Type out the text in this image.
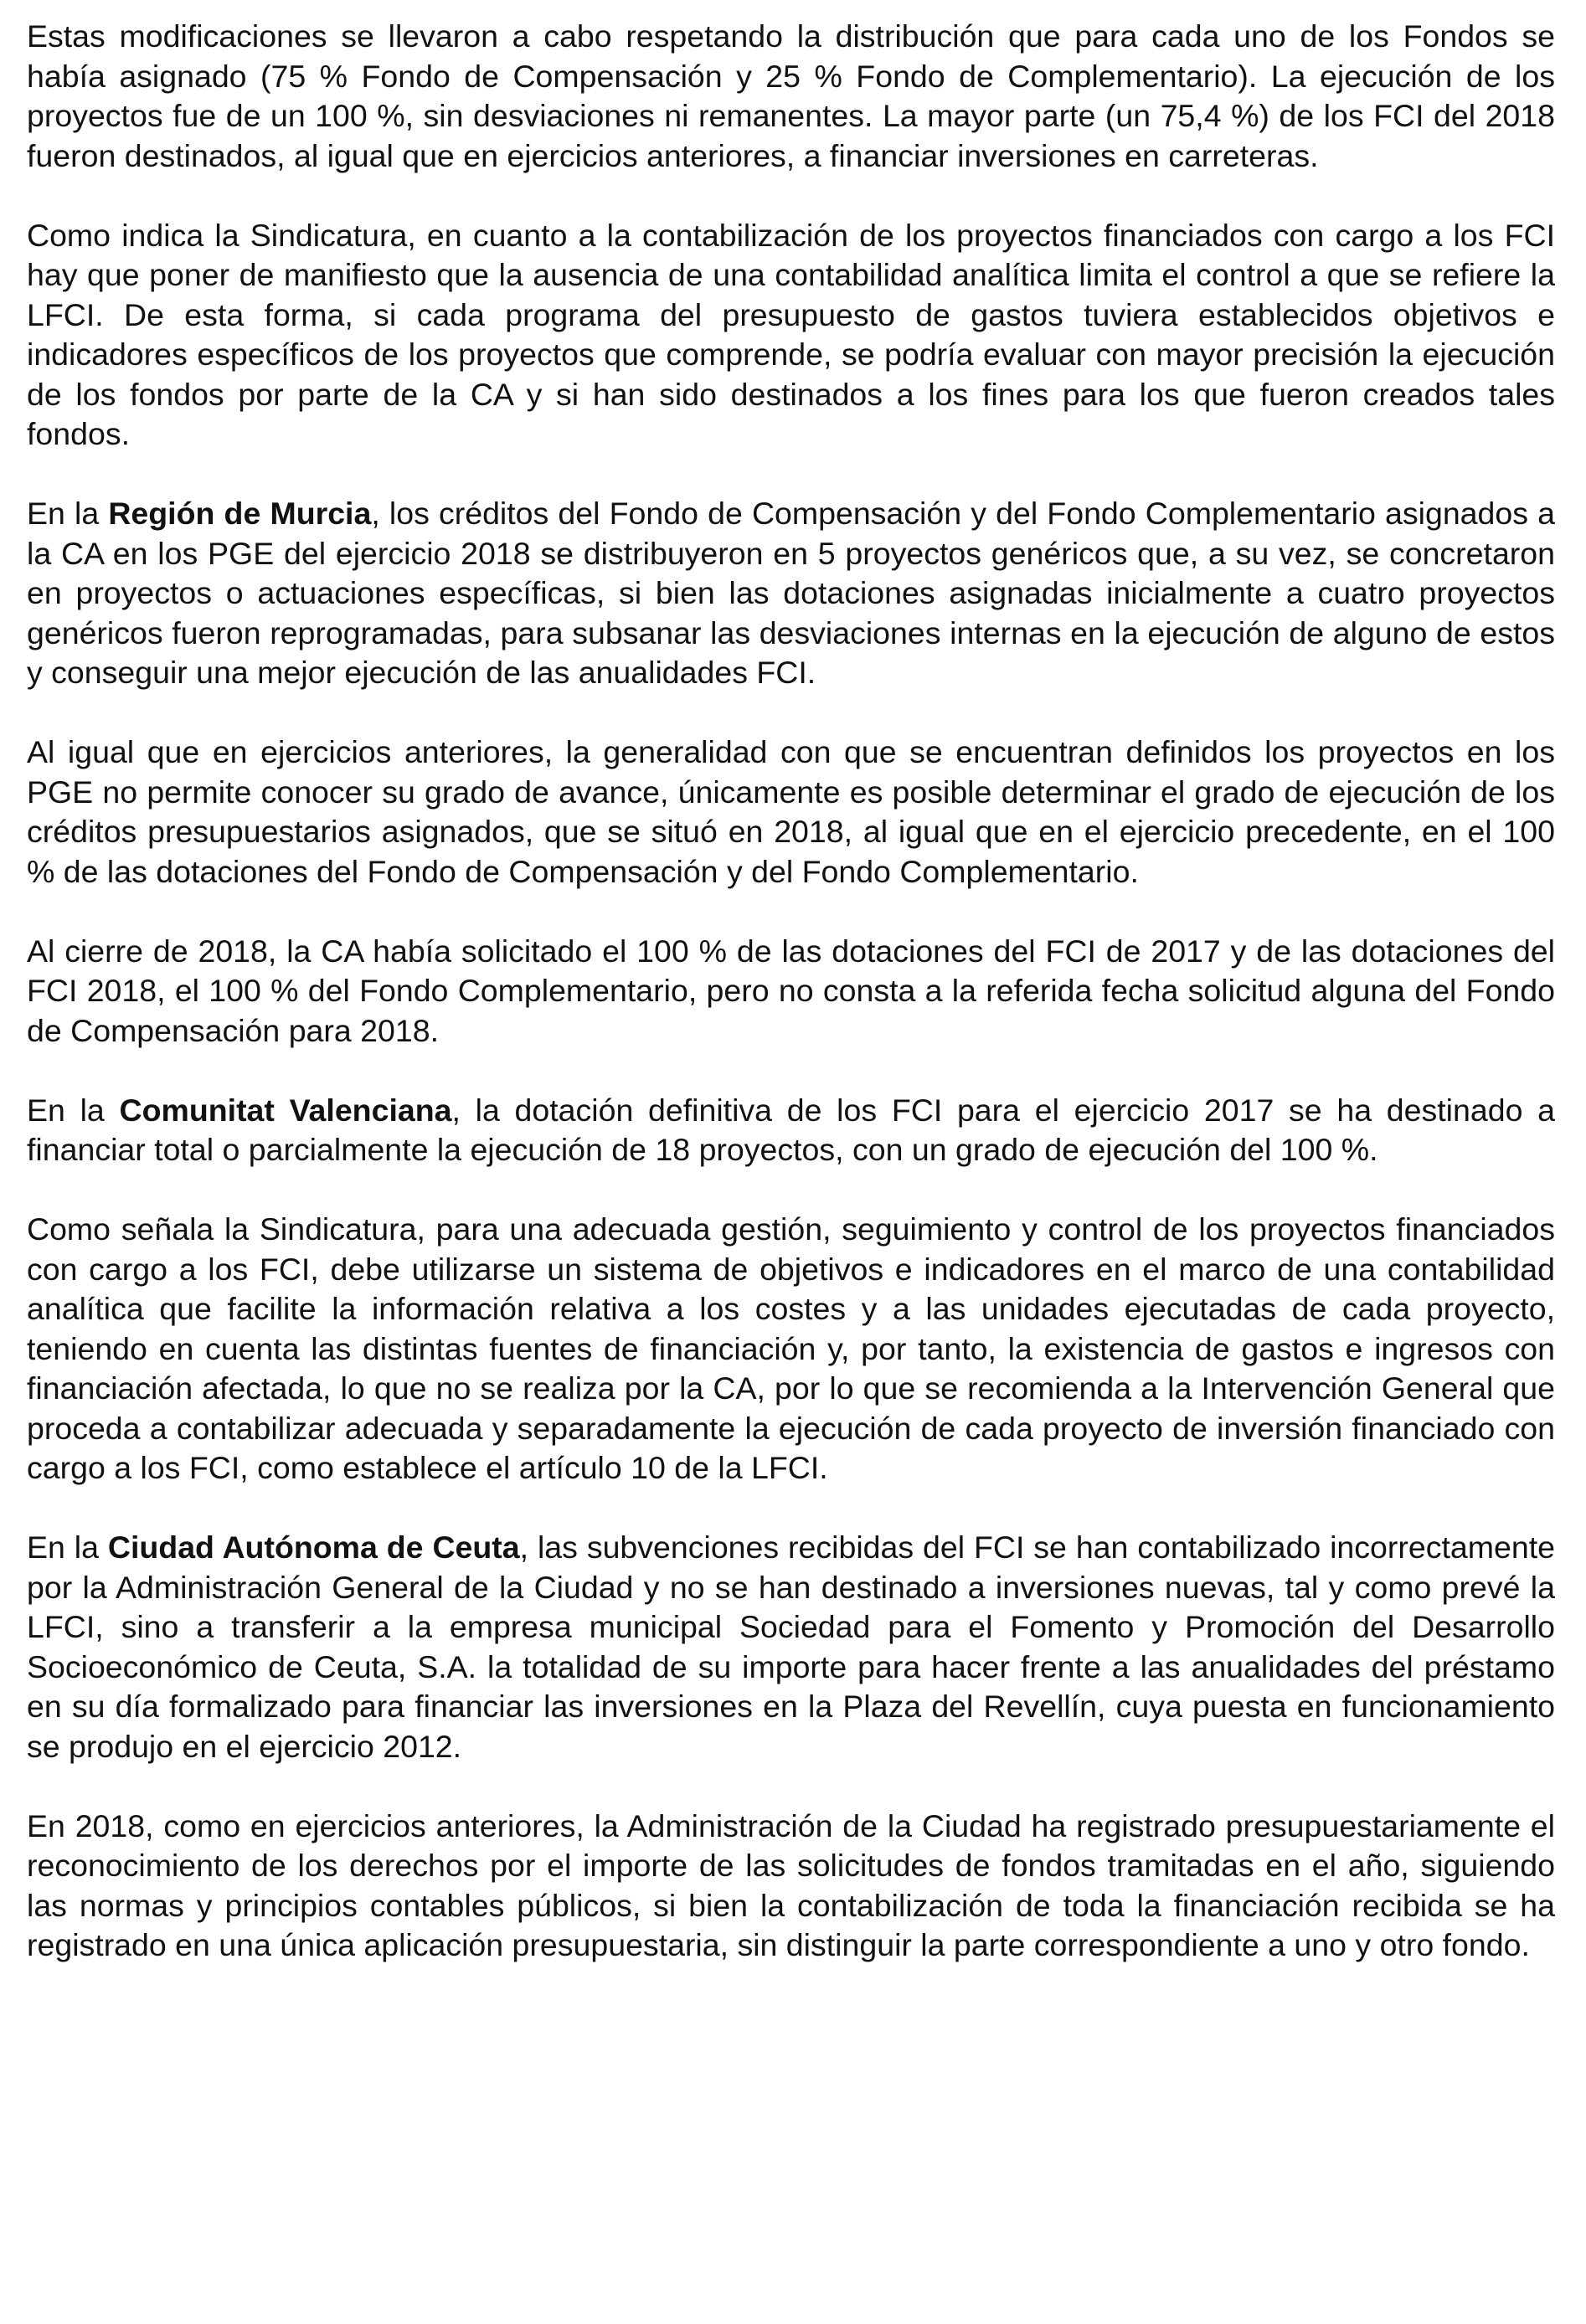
Estas modificaciones se llevaron a cabo respetando la distribución que para cada uno de los Fondos se había asignado (75 % Fondo de Compensación y 25 % Fondo de Complementario). La ejecución de los proyectos fue de un 100 %, sin desviaciones ni remanentes. La mayor parte (un 75,4 %) de los FCI del 2018 fueron destinados, al igual que en ejercicios anteriores, a financiar inversiones en carreteras.

Como indica la Sindicatura, en cuanto a la contabilización de los proyectos financiados con cargo a los FCI hay que poner de manifiesto que la ausencia de una contabilidad analítica limita el control a que se refiere la LFCI. De esta forma, si cada programa del presupuesto de gastos tuviera establecidos objetivos e indicadores específicos de los proyectos que comprende, se podría evaluar con mayor precisión la ejecución de los fondos por parte de la CA y si han sido destinados a los fines para los que fueron creados tales fondos.

En la Región de Murcia, los créditos del Fondo de Compensación y del Fondo Complementario asignados a la CA en los PGE del ejercicio 2018 se distribuyeron en 5 proyectos genéricos que, a su vez, se concretaron en proyectos o actuaciones específicas, si bien las dotaciones asignadas inicialmente a cuatro proyectos genéricos fueron reprogramadas, para subsanar las desviaciones internas en la ejecución de alguno de estos y conseguir una mejor ejecución de las anualidades FCI.

Al igual que en ejercicios anteriores, la generalidad con que se encuentran definidos los proyectos en los PGE no permite conocer su grado de avance, únicamente es posible determinar el grado de ejecución de los créditos presupuestarios asignados, que se situó en 2018, al igual que en el ejercicio precedente, en el 100 % de las dotaciones del Fondo de Compensación y del Fondo Complementario.

Al cierre de 2018, la CA había solicitado el 100 % de las dotaciones del FCI de 2017 y de las dotaciones del FCI 2018, el 100 % del Fondo Complementario, pero no consta a la referida fecha solicitud alguna del Fondo de Compensación para 2018.

En la Comunitat Valenciana, la dotación definitiva de los FCI para el ejercicio 2017 se ha destinado a financiar total o parcialmente la ejecución de 18 proyectos, con un grado de ejecución del 100 %.

Como señala la Sindicatura, para una adecuada gestión, seguimiento y control de los proyectos financiados con cargo a los FCI, debe utilizarse un sistema de objetivos e indicadores en el marco de una contabilidad analítica que facilite la información relativa a los costes y a las unidades ejecutadas de cada proyecto, teniendo en cuenta las distintas fuentes de financiación y, por tanto, la existencia de gastos e ingresos con financiación afectada, lo que no se realiza por la CA, por lo que se recomienda a la Intervención General que proceda a contabilizar adecuada y separadamente la ejecución de cada proyecto de inversión financiado con cargo a los FCI, como establece el artículo 10 de la LFCI.

En la Ciudad Autónoma de Ceuta, las subvenciones recibidas del FCI se han contabilizado incorrectamente por la Administración General de la Ciudad y no se han destinado a inversiones nuevas, tal y como prevé la LFCI, sino a transferir a la empresa municipal Sociedad para el Fomento y Promoción del Desarrollo Socioeconómico de Ceuta, S.A. la totalidad de su importe para hacer frente a las anualidades del préstamo en su día formalizado para financiar las inversiones en la Plaza del Revellín, cuya puesta en funcionamiento se produjo en el ejercicio 2012.

En 2018, como en ejercicios anteriores, la Administración de la Ciudad ha registrado presupuestariamente el reconocimiento de los derechos por el importe de las solicitudes de fondos tramitadas en el año, siguiendo las normas y principios contables públicos, si bien la contabilización de toda la financiación recibida se ha registrado en una única aplicación presupuestaria, sin distinguir la parte correspondiente a uno y otro fondo.
